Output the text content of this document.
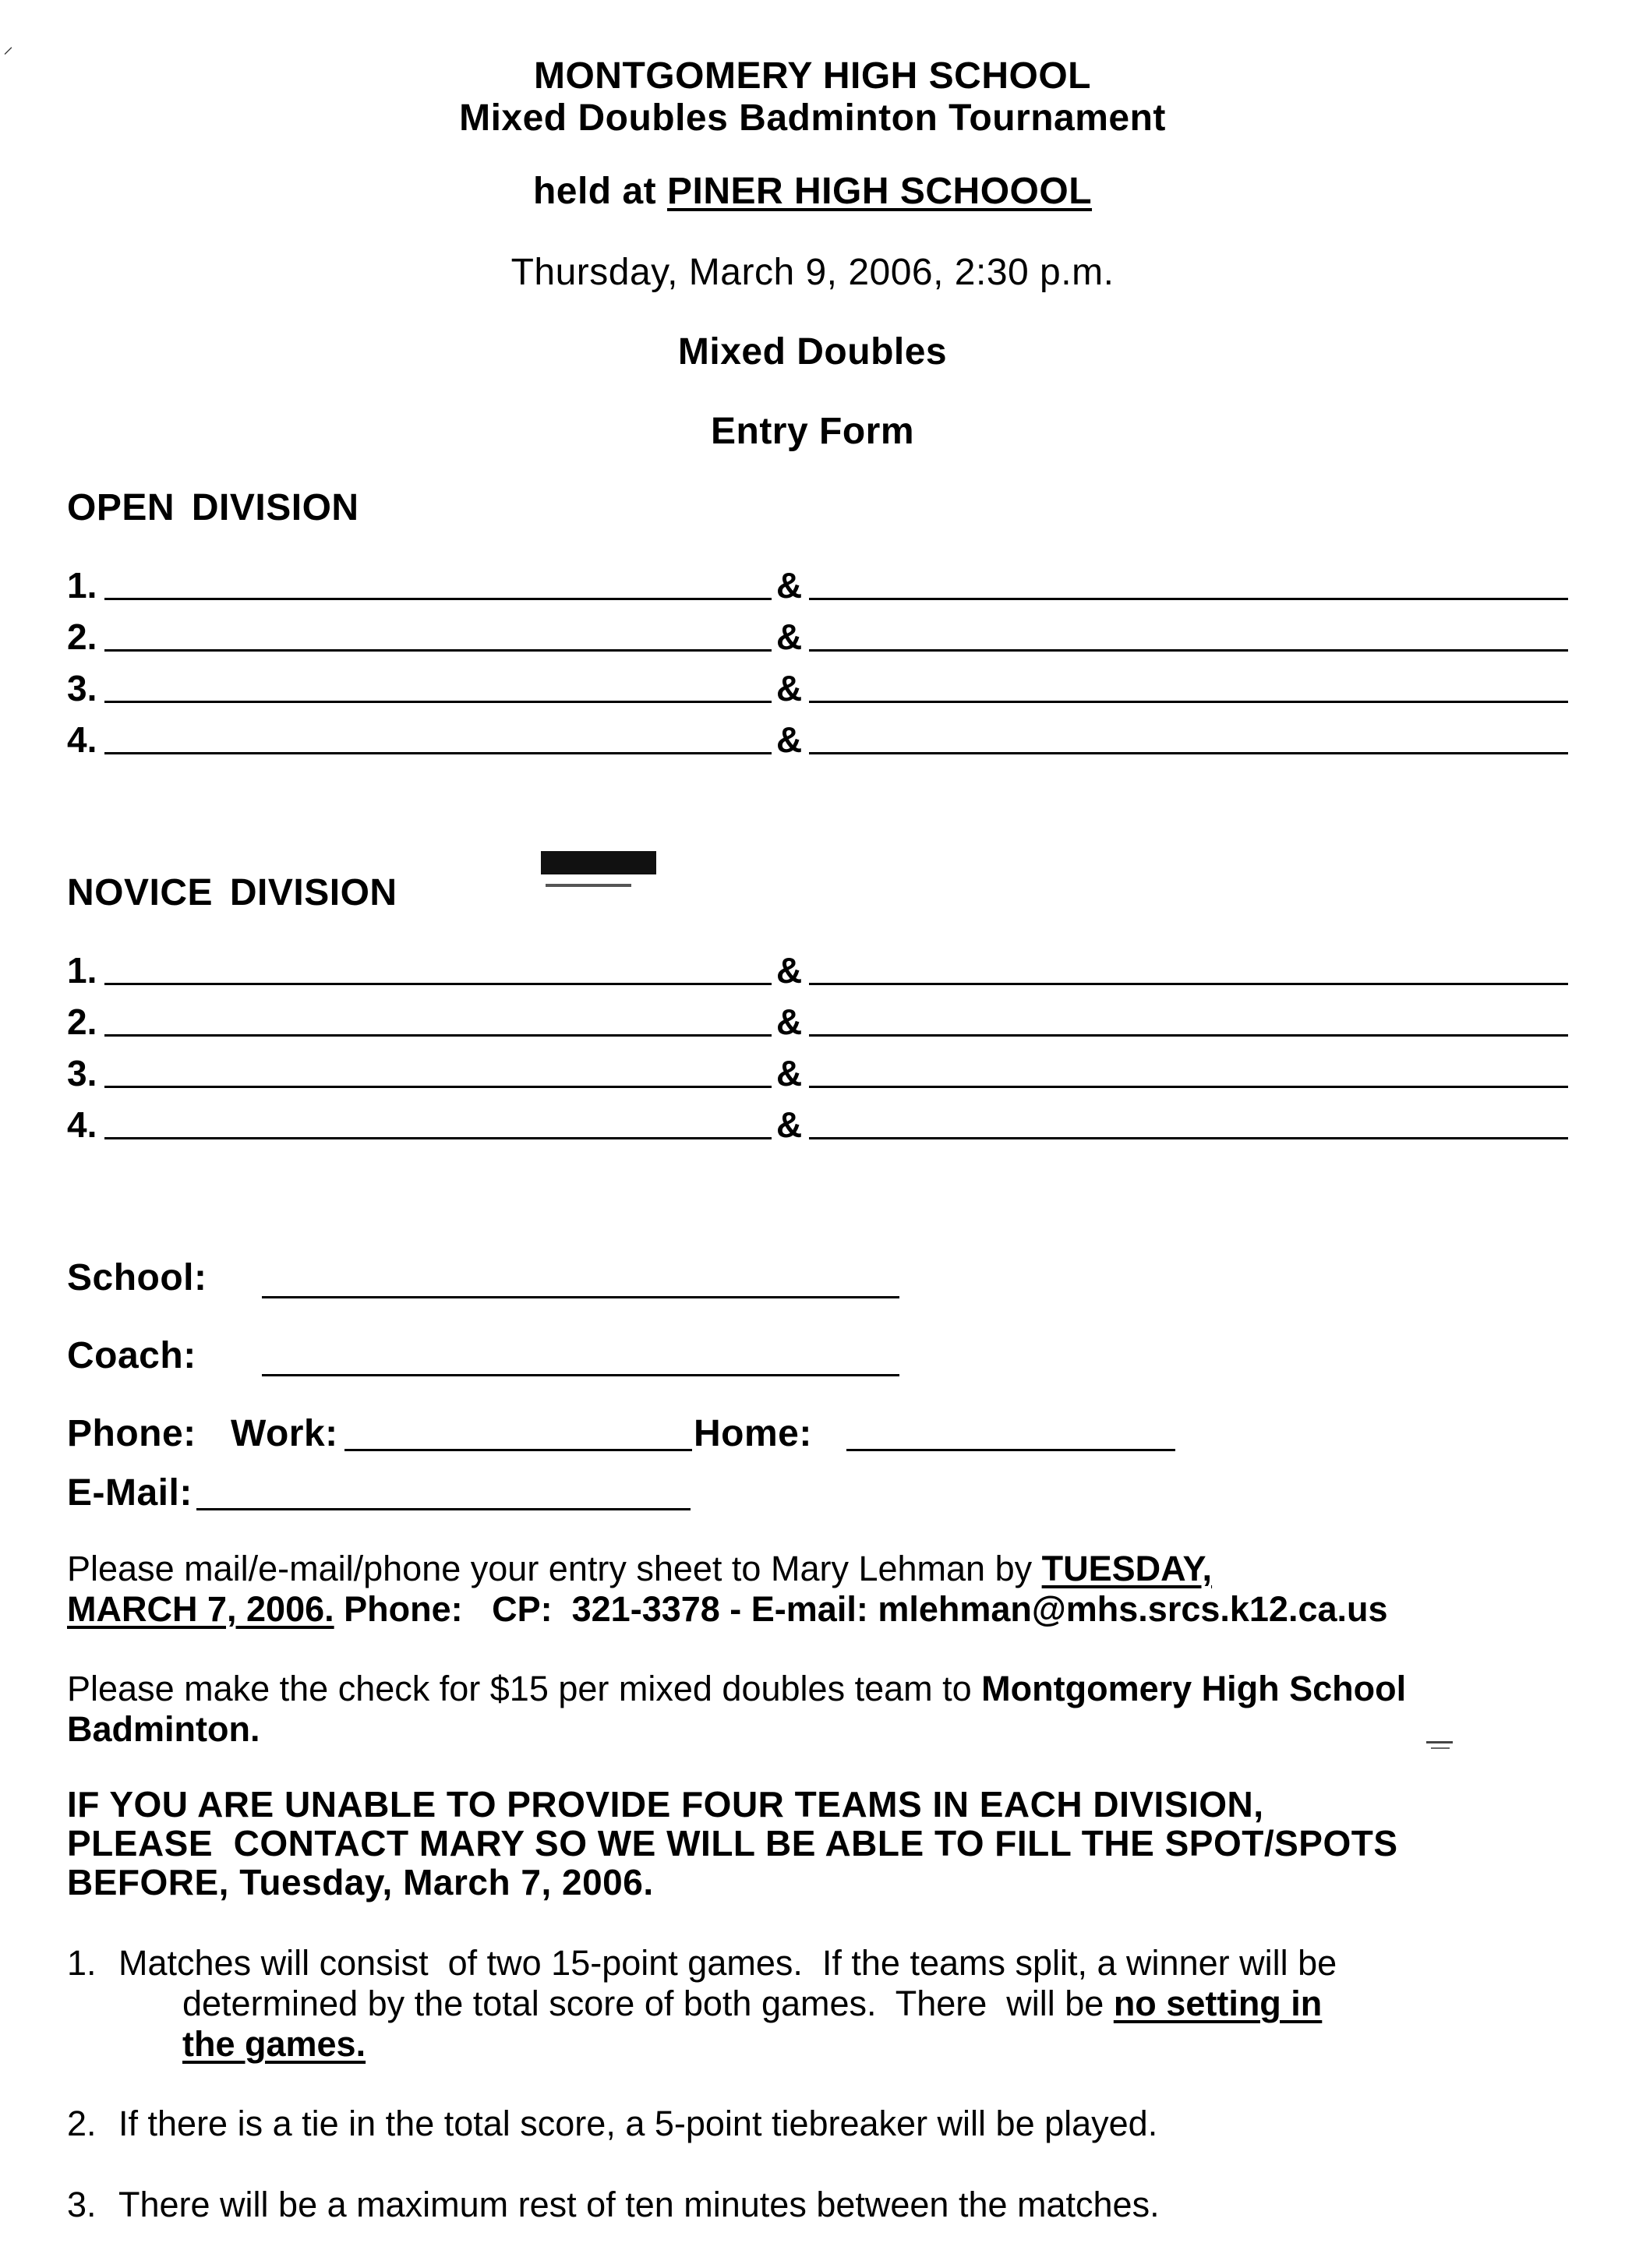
⸝
MONTGOMERY HIGH SCHOOL
Mixed Doubles Badminton Tournament
held at PINER HIGH SCHOOOL
Thursday, March 9, 2006, 2:30 p.m.
Mixed Doubles
Entry Form
OPEN DIVISION
1.	&
2.	&
3.	&
4.	&
NOVICE DIVISION
1.	&
2.	&
3.	&
4.	&
School:
Coach:
Phone: Work:	Home:
E-Mail:
Please mail/e-mail/phone your entry sheet to Mary Lehman by TUESDAY,
MARCH 7, 2006. Phone:   CP:  321-3378 - E-mail: mlehman@mhs.srcs.k12.ca.us
Please make the check for $15 per mixed doubles team to Montgomery High School
Badminton.
IF YOU ARE UNABLE TO PROVIDE FOUR TEAMS IN EACH DIVISION,
PLEASE  CONTACT MARY SO WE WILL BE ABLE TO FILL THE SPOT/SPOTS
BEFORE, Tuesday, March 7, 2006.
1. Matches will consist  of two 15-point games.  If the teams split, a winner will be
determined by the total score of both games.  There  will be no setting in
the games.
2. If there is a tie in the total score, a 5-point tiebreaker will be played.
3. There will be a maximum rest of ten minutes between the matches.
